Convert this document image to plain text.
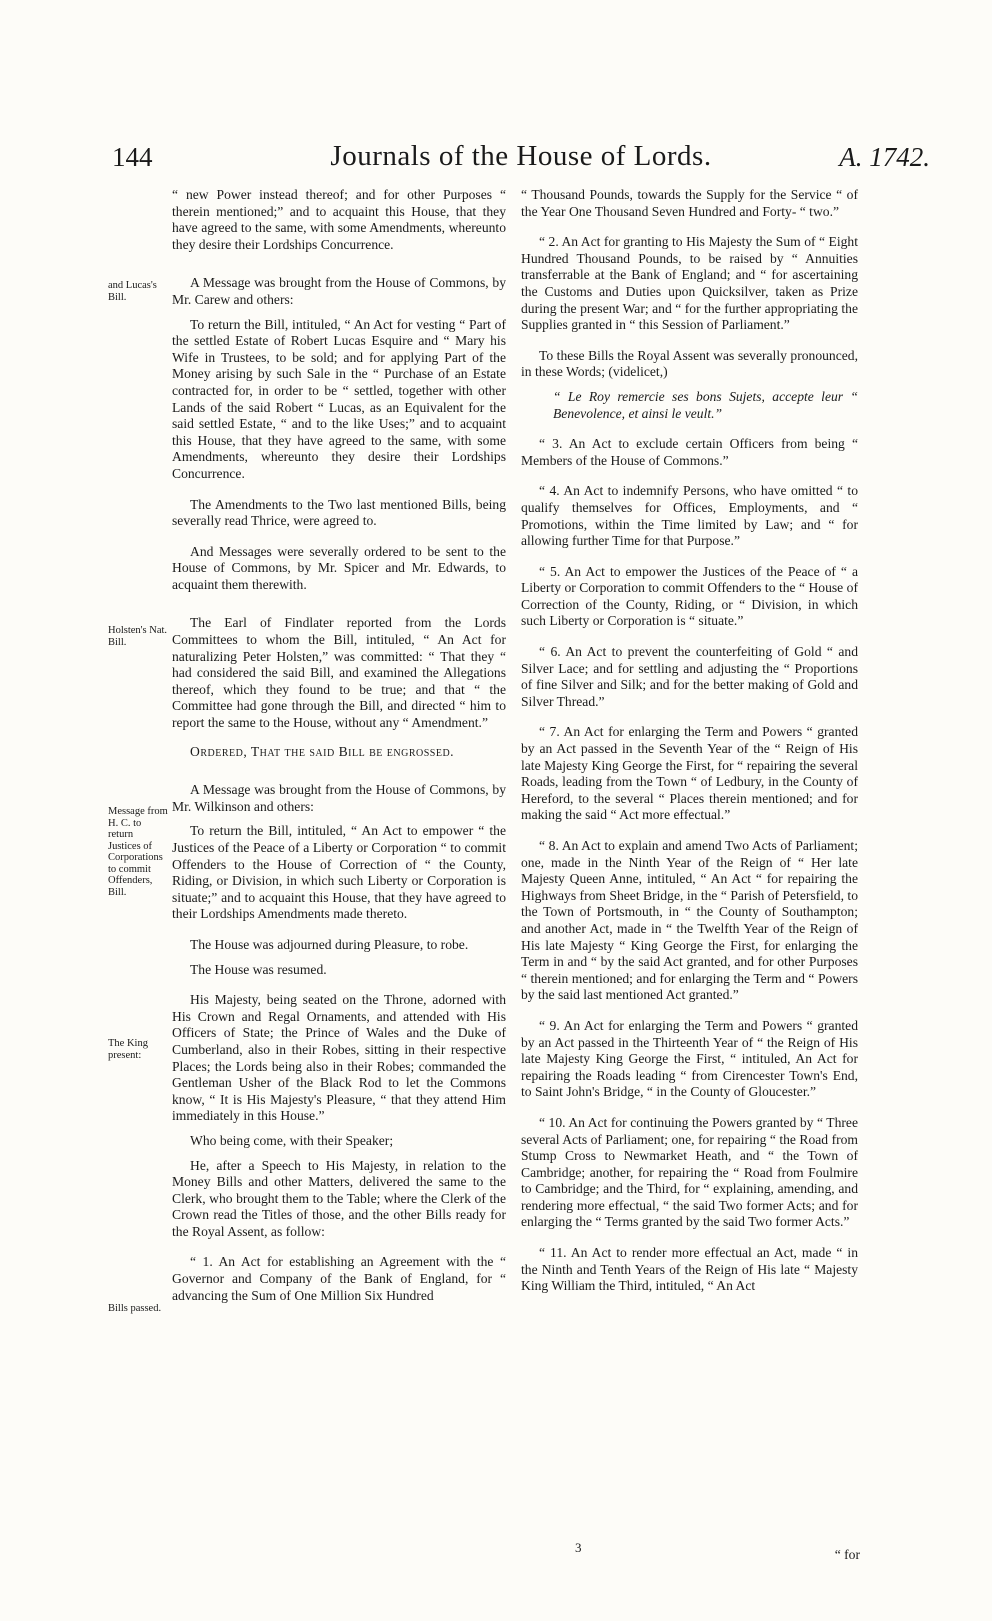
144	Journals of the House of Lords.	A. 1742.
and Lucas's Bill.
Holsten's Nat. Bill.
Message from H. C. to return Justices of Corporations to commit Offenders, Bill.
The King present:
Bills passed.

“ new Power instead thereof; and for other Purposes “ therein mentioned;” and to acquaint this House, that they have agreed to the same, with some Amendments, whereunto they desire their Lordships Concurrence.

A Message was brought from the House of Commons, by Mr. Carew and others:

To return the Bill, intituled, “ An Act for vesting “ Part of the settled Estate of Robert Lucas Esquire and “ Mary his Wife in Trustees, to be sold; and for applying Part of the Money arising by such Sale in the “ Purchase of an Estate contracted for, in order to be “ settled, together with other Lands of the said Robert “ Lucas, as an Equivalent for the said settled Estate, “ and to the like Uses;” and to acquaint this House, that they have agreed to the same, with some Amendments, whereunto they desire their Lordships Concurrence.

The Amendments to the Two last mentioned Bills, being severally read Thrice, were agreed to.

And Messages were severally ordered to be sent to the House of Commons, by Mr. Spicer and Mr. Edwards, to acquaint them therewith.

The Earl of Findlater reported from the Lords Committees to whom the Bill, intituled, “ An Act for naturalizing Peter Holsten,” was committed: “ That they “ had considered the said Bill, and examined the Allegations thereof, which they found to be true; and that “ the Committee had gone through the Bill, and directed “ him to report the same to the House, without any “ Amendment.”

Ordered, That the said Bill be engrossed.

A Message was brought from the House of Commons, by Mr. Wilkinson and others:

To return the Bill, intituled, “ An Act to empower “ the Justices of the Peace of a Liberty or Corporation “ to commit Offenders to the House of Correction of “ the County, Riding, or Division, in which such Liberty or Corporation is situate;” and to acquaint this House, that they have agreed to their Lordships Amendments made thereto.

The House was adjourned during Pleasure, to robe.

The House was resumed.

His Majesty, being seated on the Throne, adorned with His Crown and Regal Ornaments, and attended with His Officers of State; the Prince of Wales and the Duke of Cumberland, also in their Robes, sitting in their respective Places; the Lords being also in their Robes; commanded the Gentleman Usher of the Black Rod to let the Commons know, “ It is His Majesty's Pleasure, “ that they attend Him immediately in this House.”

Who being come, with their Speaker;

He, after a Speech to His Majesty, in relation to the Money Bills and other Matters, delivered the same to the Clerk, who brought them to the Table; where the Clerk of the Crown read the Titles of those, and the other Bills ready for the Royal Assent, as follow:

“ 1. An Act for establishing an Agreement with the “ Governor and Company of the Bank of England, for “ advancing the Sum of One Million Six Hundred

“ Thousand Pounds, towards the Supply for the Service “ of the Year One Thousand Seven Hundred and Forty- “ two.”

“ 2. An Act for granting to His Majesty the Sum of “ Eight Hundred Thousand Pounds, to be raised by “ Annuities transferrable at the Bank of England; and “ for ascertaining the Customs and Duties upon Quicksilver, taken as Prize during the present War; and “ for the further appropriating the Supplies granted in “ this Session of Parliament.”

To these Bills the Royal Assent was severally pronounced, in these Words; (videlicet,)

“ Le Roy remercie ses bons Sujets, accepte leur “ Benevolence, et ainsi le veult.”

“ 3. An Act to exclude certain Officers from being “ Members of the House of Commons.”

“ 4. An Act to indemnify Persons, who have omitted “ to qualify themselves for Offices, Employments, and “ Promotions, within the Time limited by Law; and “ for allowing further Time for that Purpose.”

“ 5. An Act to empower the Justices of the Peace of “ a Liberty or Corporation to commit Offenders to the “ House of Correction of the County, Riding, or “ Division, in which such Liberty or Corporation is “ situate.”

“ 6. An Act to prevent the counterfeiting of Gold “ and Silver Lace; and for settling and adjusting the “ Proportions of fine Silver and Silk; and for the better making of Gold and Silver Thread.”

“ 7. An Act for enlarging the Term and Powers “ granted by an Act passed in the Seventh Year of the “ Reign of His late Majesty King George the First, for “ repairing the several Roads, leading from the Town “ of Ledbury, in the County of Hereford, to the several “ Places therein mentioned; and for making the said “ Act more effectual.”

“ 8. An Act to explain and amend Two Acts of Parliament; one, made in the Ninth Year of the Reign of “ Her late Majesty Queen Anne, intituled, “ An Act “ for repairing the Highways from Sheet Bridge, in the “ Parish of Petersfield, to the Town of Portsmouth, in “ the County of Southampton; and another Act, made in “ the Twelfth Year of the Reign of His late Majesty “ King George the First, for enlarging the Term in and “ by the said Act granted, and for other Purposes “ therein mentioned; and for enlarging the Term and “ Powers by the said last mentioned Act granted.”

“ 9. An Act for enlarging the Term and Powers “ granted by an Act passed in the Thirteenth Year of “ the Reign of His late Majesty King George the First, “ intituled, An Act for repairing the Roads leading “ from Cirencester Town's End, to Saint John's Bridge, “ in the County of Gloucester.”

“ 10. An Act for continuing the Powers granted by “ Three several Acts of Parliament; one, for repairing “ the Road from Stump Cross to Newmarket Heath, and “ the Town of Cambridge; another, for repairing the “ Road from Foulmire to Cambridge; and the Third, for “ explaining, amending, and rendering more effectual, “ the said Two former Acts; and for enlarging the “ Terms granted by the said Two former Acts.”

“ 11. An Act to render more effectual an Act, made “ in the Ninth and Tenth Years of the Reign of His late “ Majesty King William the Third, intituled, “ An Act

3	“ for
